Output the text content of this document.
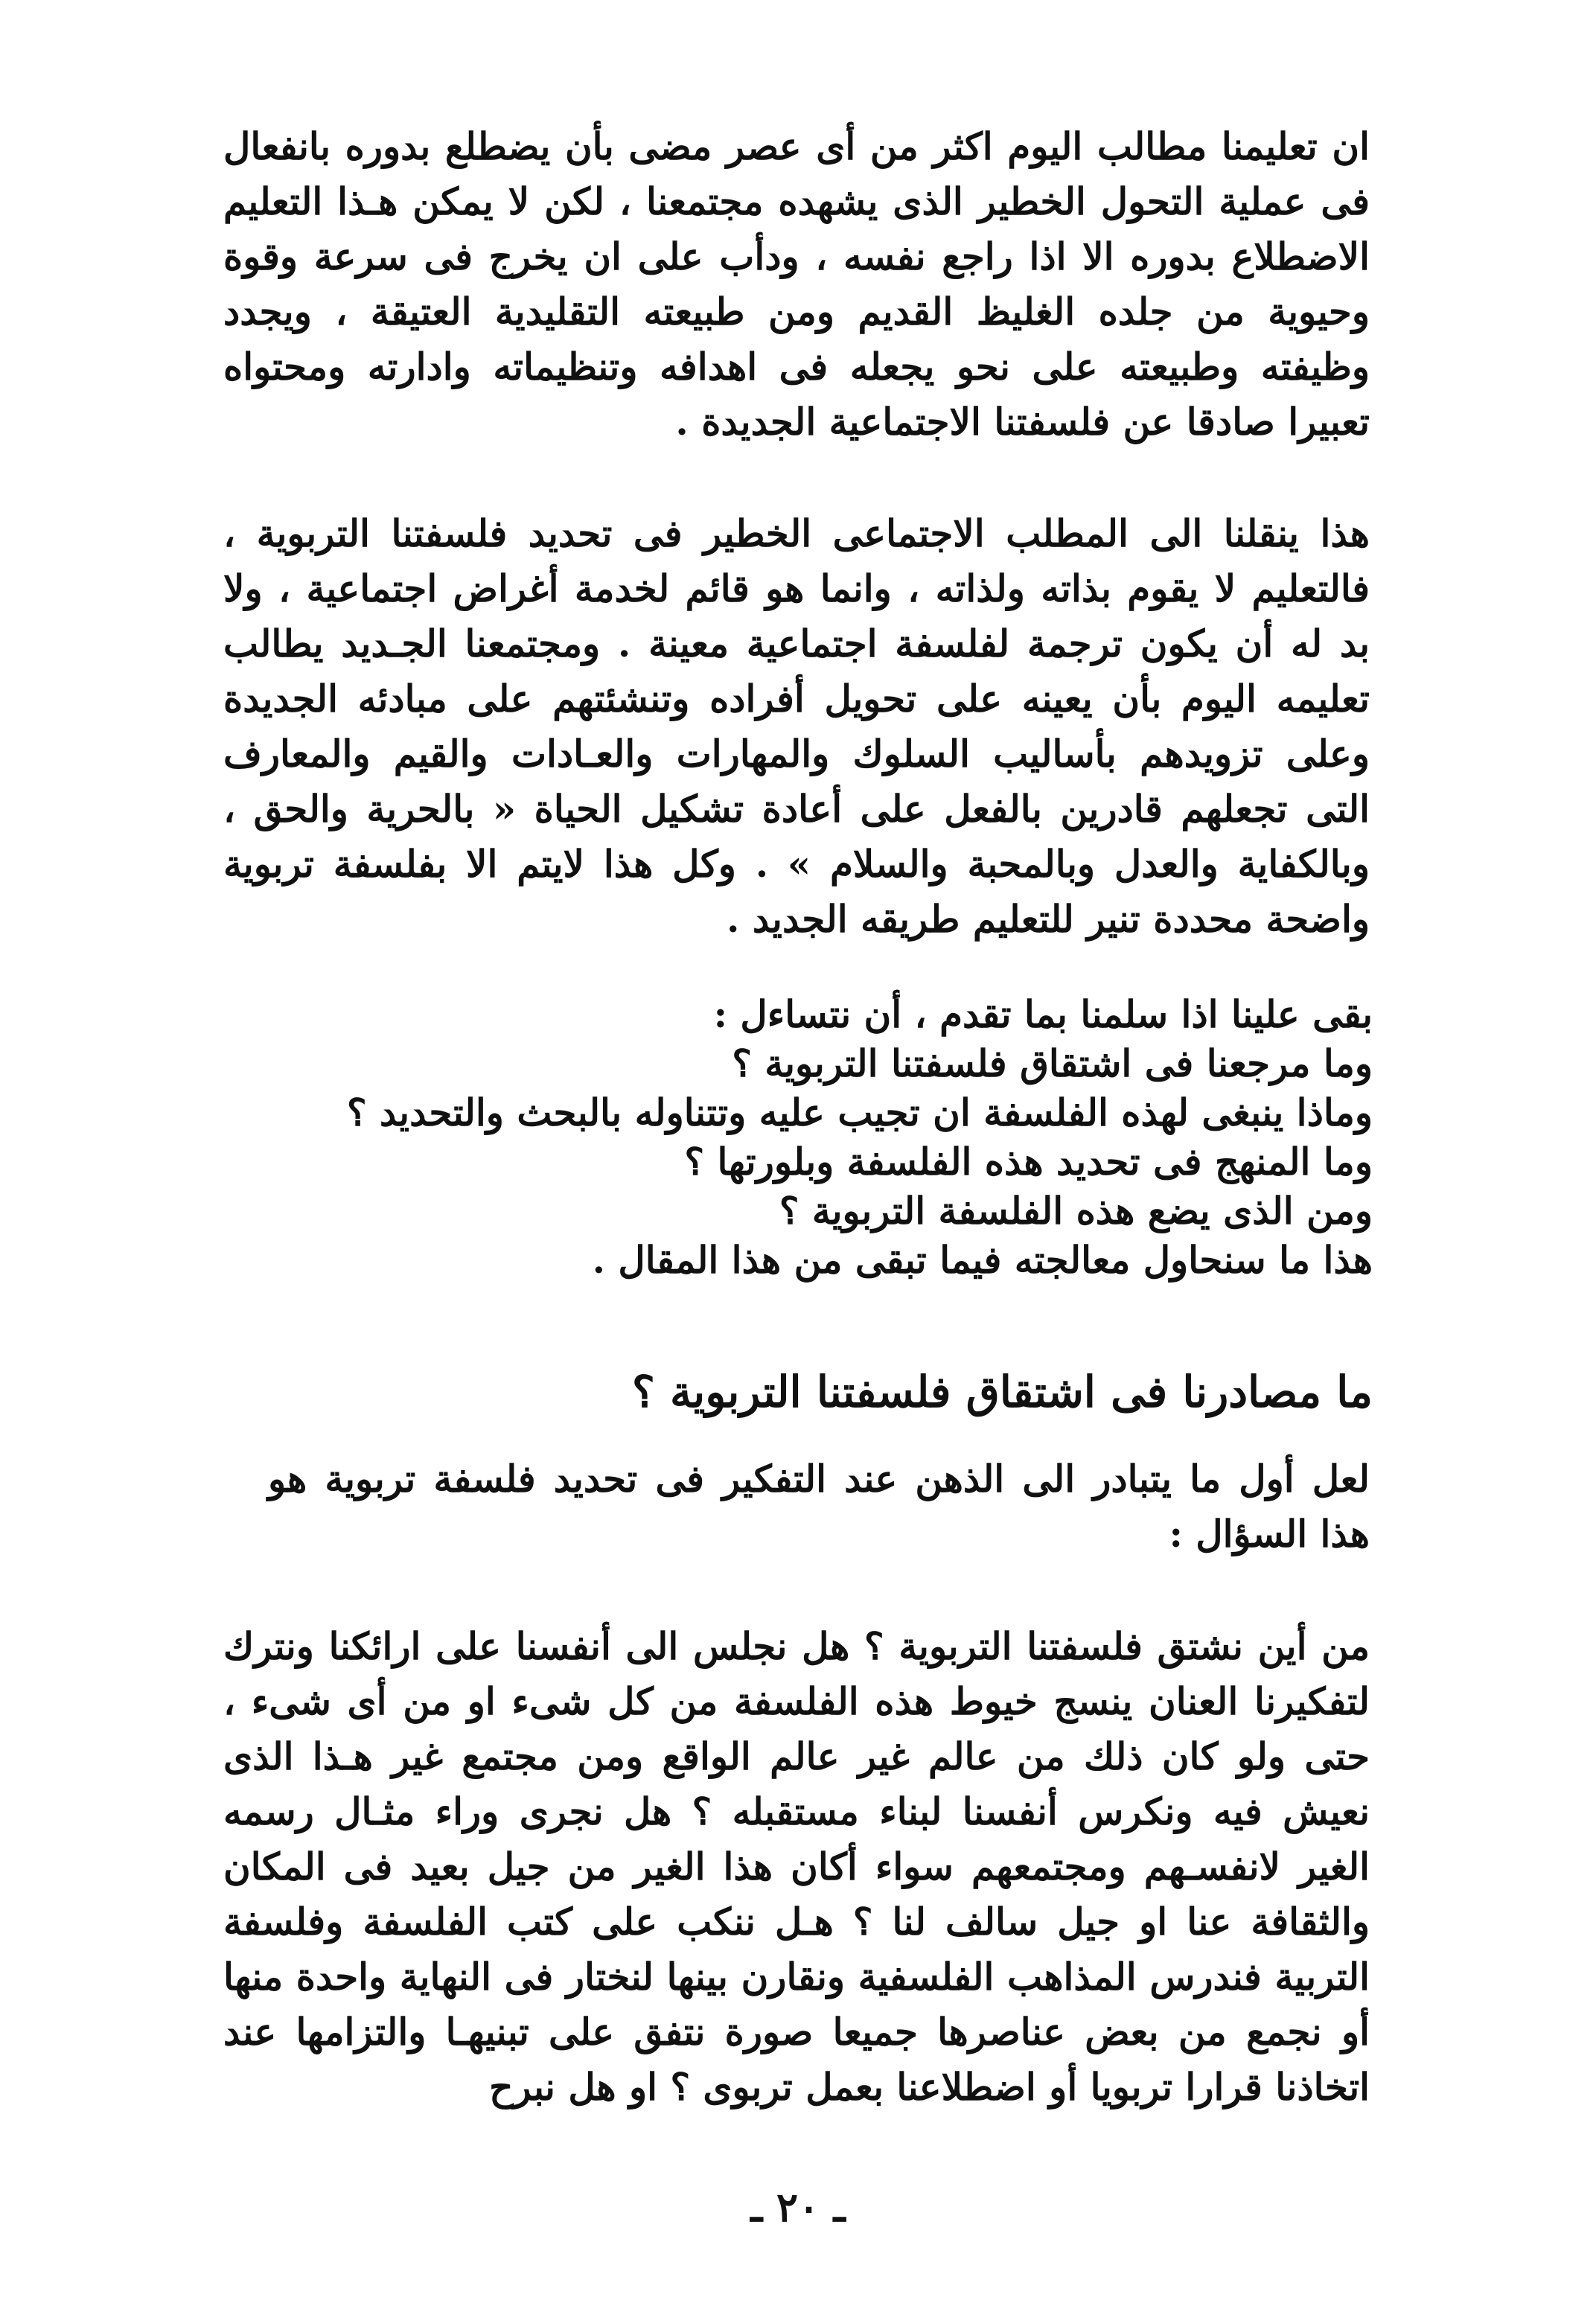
ان تعليمنا مطالب اليوم اكثر من أى عصر مضى بأن يضطلع بدوره بانفعال فى عملية التحول الخطير الذى يشهده مجتمعنا ، لكن لا يمكن هـذا التعليم الاضطلاع بدوره الا اذا راجع نفسه ، ودأب على ان يخرج فى سرعة وقوة وحيوية من جلده الغليظ القديم ومن طبيعته التقليدية العتيقة ، ويجدد وظيفته وطبيعته على نحو يجعله فى اهدافه وتنظيماته وادارته ومحتواه تعبيرا صادقا عن فلسفتنا الاجتماعية الجديدة .

هذا ينقلنا الى المطلب الاجتماعى الخطير فى تحديد فلسفتنا التربوية ، فالتعليم لا يقوم بذاته ولذاته ، وانما هو قائم لخدمة أغراض اجتماعية ، ولا بد له أن يكون ترجمة لفلسفة اجتماعية معينة . ومجتمعنا الجـديد يطالب تعليمه اليوم بأن يعينه على تحويل أفراده وتنشئتهم على مبادئه الجديدة وعلى تزويدهم بأساليب السلوك والمهارات والعـادات والقيم والمعارف التى تجعلهم قادرين بالفعل على أعادة تشكيل الحياة « بالحرية والحق ، وبالكفاية والعدل وبالمحبة والسلام » . وكل هذا لايتم الا بفلسفة تربوية واضحة محددة تنير للتعليم طريقه الجديد .

بقى علينا اذا سلمنا بما تقدم ، أن نتساءل :
وما مرجعنا فى اشتقاق فلسفتنا التربوية ؟
وماذا ينبغى لهذه الفلسفة ان تجيب عليه وتتناوله بالبحث والتحديد ؟
وما المنهج فى تحديد هذه الفلسفة وبلورتها ؟
ومن الذى يضع هذه الفلسفة التربوية ؟
هذا ما سنحاول معالجته فيما تبقى من هذا المقال .
ما مصادرنا فى اشتقاق فلسفتنا التربوية ؟

لعل أول ما يتبادر الى الذهن عند التفكير فى تحديد فلسفة تربوية هو هذا السؤال :

من أين نشتق فلسفتنا التربوية ؟ هل نجلس الى أنفسنا على ارائكنا ونترك لتفكيرنا العنان ينسج خيوط هذه الفلسفة من كل شىء او من أى شىء ، حتى ولو كان ذلك من عالم غير عالم الواقع ومن مجتمع غير هـذا الذى نعيش فيه ونكرس أنفسنا لبناء مستقبله ؟ هل نجرى وراء مثـال رسمه الغير لانفسـهم ومجتمعهم سواء أكان هذا الغير من جيل بعيد فى المكان والثقافة عنا او جيل سالف لنا ؟ هـل ننكب على كتب الفلسفة وفلسفة التربية فندرس المذاهب الفلسفية ونقارن بينها لنختار فى النهاية واحدة منها أو نجمع من بعض عناصرها جميعا صورة نتفق على تبنيهـا والتزامها عند اتخاذنا قرارا تربويا أو اضطلاعنا بعمل تربوى ؟ او هل نبرح

ـ ٢٠ ـ
